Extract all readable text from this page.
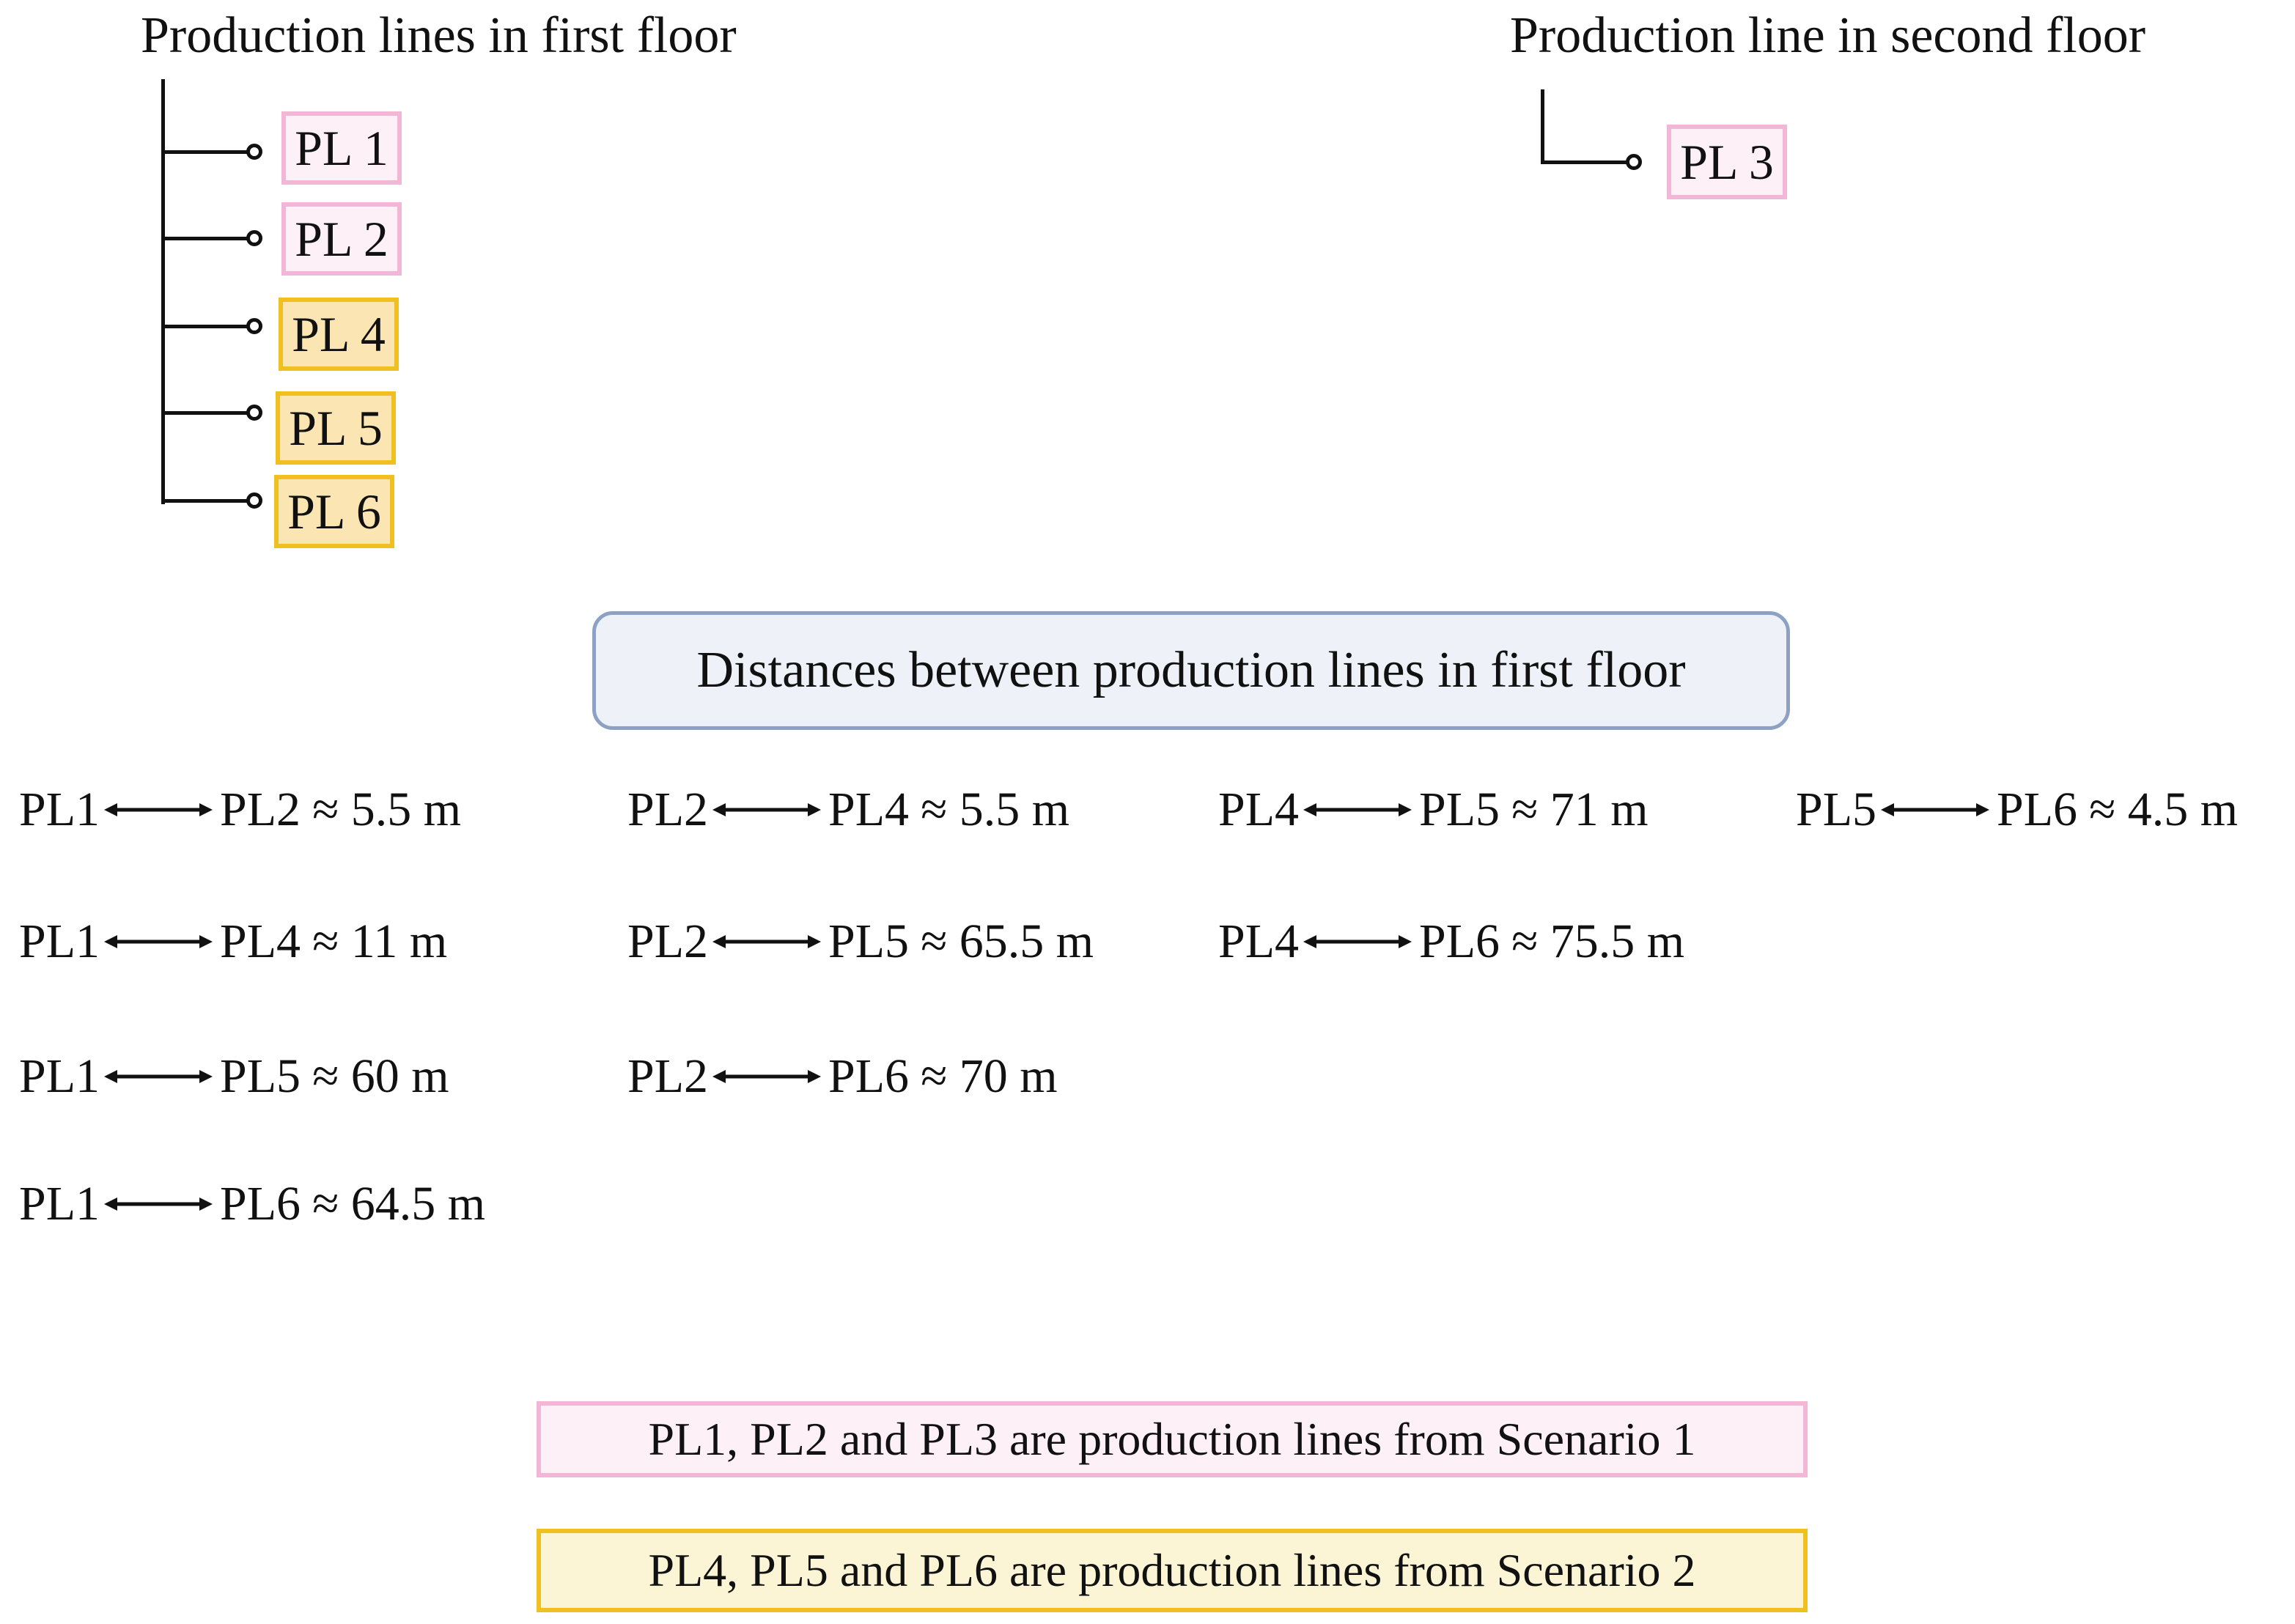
Production lines in first floor	Production line in second floor
PL 1
PL 2
PL 4
PL 5
PL 6
PL 3
Distances between production lines in first floor
PL1 PL2 ≈ 5.5 m	PL2 PL4 ≈ 5.5 m	PL4 PL5 ≈ 71 m	PL5 PL6 ≈ 4.5 m
PL1 PL4 ≈ 11 m	PL2 PL5 ≈ 65.5 m	PL4 PL6 ≈ 75.5 m
PL1 PL5 ≈ 60 m	PL2 PL6 ≈ 70 m
PL1 PL6 ≈ 64.5 m
PL1, PL2 and PL3 are production lines from Scenario 1
PL4, PL5 and PL6 are production lines from Scenario 2
